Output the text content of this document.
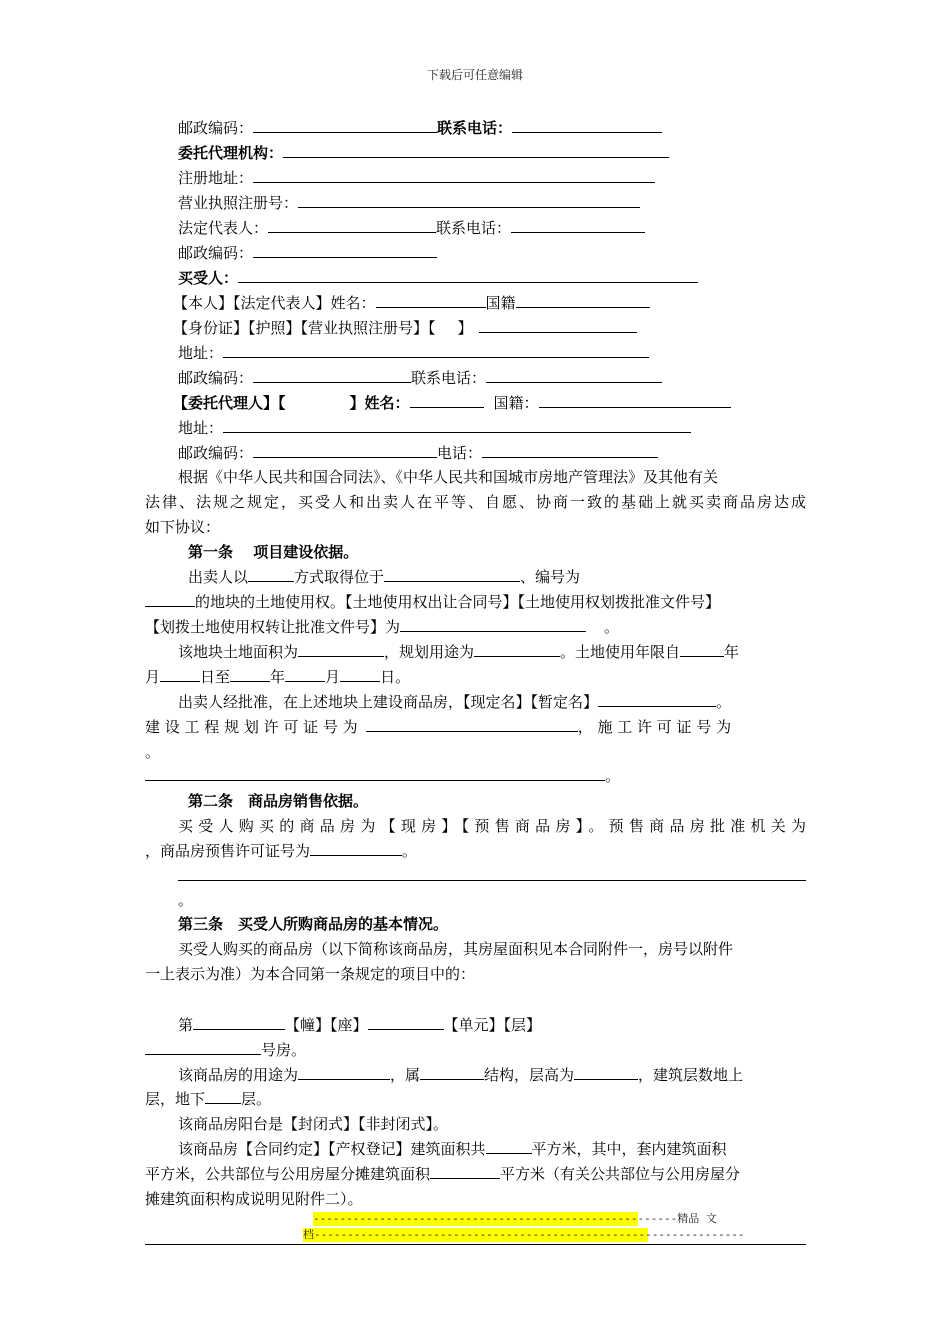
下载后可任意编辑
邮政编码：	联系电话：
委托代理机构：
注册地址：
营业执照注册号：
法定代表人：	联系电话：
邮政编码：
买受人：
【本人】【法定代表人】姓名：	国籍
【身份证】【护照】【营业执照注册号】【 】
地址：
邮政编码：	联系电话：
【委托代理人】【	】姓名：	国籍：
地址：
邮政编码：	电话：
根据《中华人民共和国合同法》、《中华人民共和国城市房地产管理法》及其他有关
法律、法规之规定，买受人和出卖人在平等、自愿、协商一致的基础上就买卖商品房达成
如下协议：
第一条　 项目建设依据。
出卖人以	方式取得位于	、编号为
的地块的土地使用权。【土地使用权出让合同号】【土地使用权划拨批准文件号】
【划拨土地使用权转让批准文件号】为	。
该地块土地面积为	，规划用途为	。土地使用年限自	年
月	日至	年	月	日。
出卖人经批准，在上述地块上建设商品房，【现定名】【暂定名】	。
建 设 工 程 规 划 许 可 证 号 为	， 施 工 许 可 证 号 为
。
。
第二条　商品房销售依据。
买受人购买的商品房为【现房】【预售商品房】。预售商品房批准机关为
，商品房预售许可证号为	。
。
第三条　买受人所购商品房的基本情况。
买受人购买的商品房（以下简称该商品房，其房屋面积见本合同附件一，房号以附件
一上表示为准）为本合同第一条规定的项目中的：
第	【幢】【座】	【单元】【层】
号房。
该商品房的用途为	，属	结构，层高为	，建筑层数地上
层，地下 层。
该商品房阳台是【封闭式】【非封闭式】。
该商品房【合同约定】【产权登记】建筑面积共	平方米，其中，套内建筑面积
平方米，公共部位与公用房屋分摊建筑面积	平方米（有关公共部位与公用房屋分
摊建筑面积构成说明见附件二）。
-------------------------------------------------------精品 文
档-----------------------------------------------------------------
